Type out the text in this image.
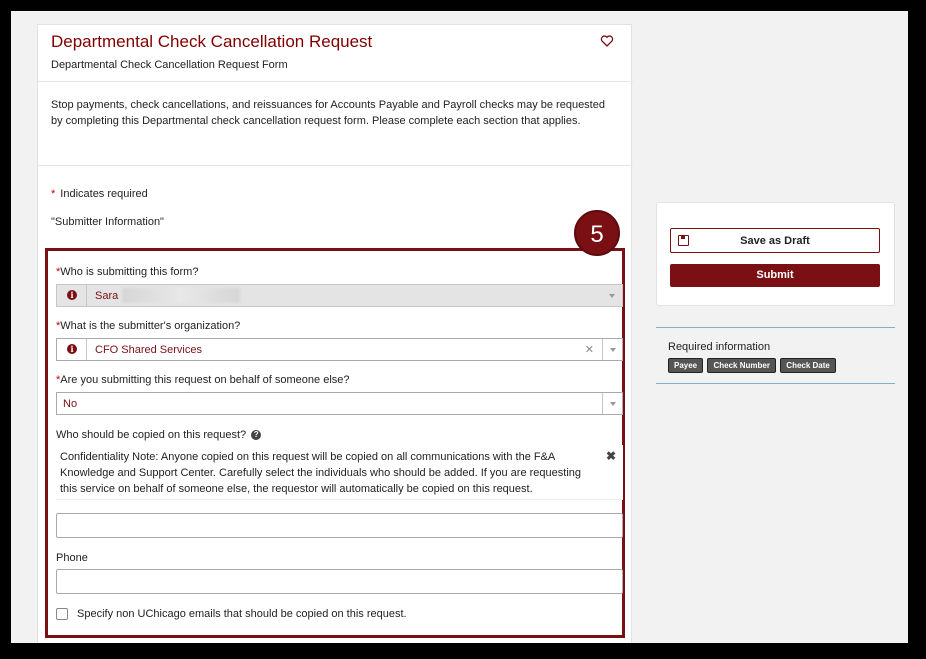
Departmental Check Cancellation Request
Departmental Check Cancellation Request Form
Stop payments, check cancellations, and reissuances for Accounts Payable and Payroll checks may be requested by completing this Departmental check cancellation request form. Please complete each section that applies.
* Indicates required
"Submitter Information"
*Who is submitting this form?
i	Sara
*What is the submitter's organization?
i	CFO Shared Services	✕
*Are you submitting this request on behalf of someone else?
No
Who should be copied on this request? ?

Confidentiality Note: Anyone copied on this request will be copied on all communications with the F&A Knowledge and Support Center. Carefully select the individuals who should be added. If you are requesting this service on behalf of someone else, the requestor will automatically be copied on this request.

✖
Phone
Specify non UChicago emails that should be copied on this request.
5	Save as Draft
Submit
Required information
Payee Check Number Check Date
